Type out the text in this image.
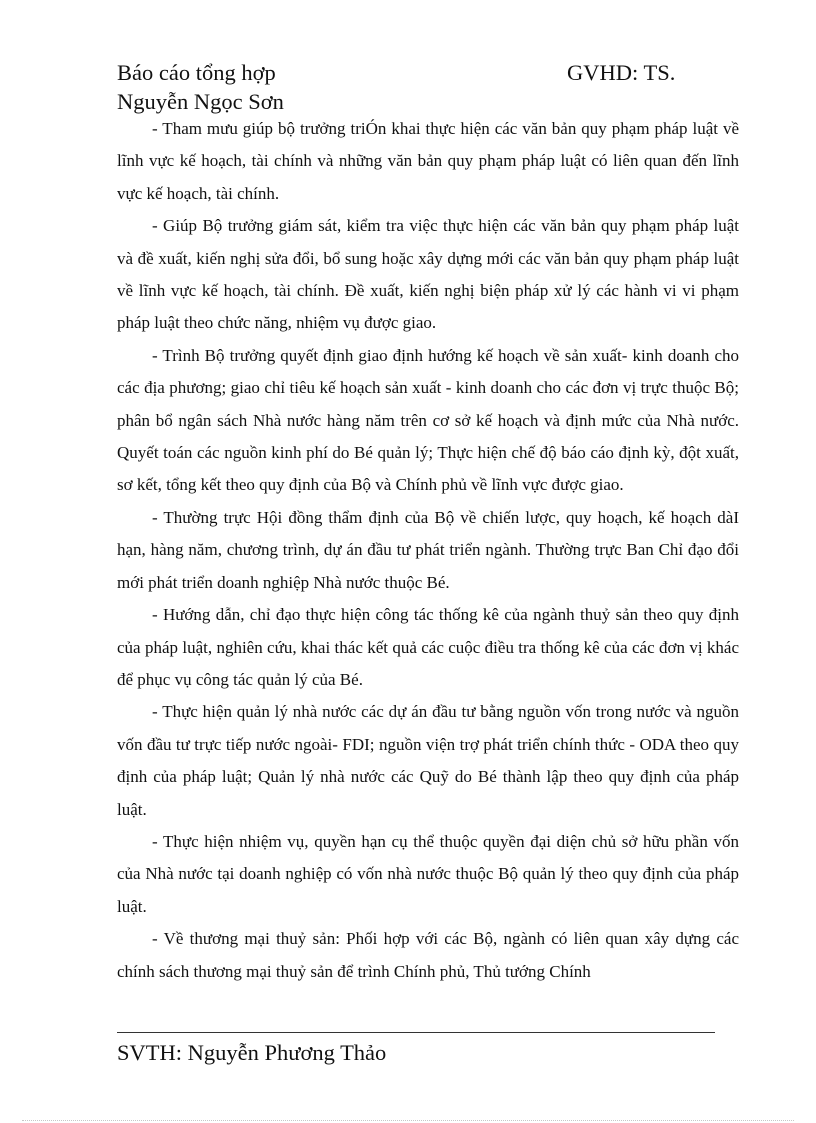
Báo cáo tổng hợp	GVHD: TS.
Nguyễn Ngọc Sơn

- Tham mưu giúp bộ trưởng triÓn khai thực hiện các văn bản quy phạm pháp luật về lĩnh vực kế hoạch, tài chính và những văn bản quy phạm pháp luật có liên quan đến lĩnh vực kế hoạch, tài chính.

- Giúp Bộ trưởng giám sát, kiểm tra việc thực hiện các văn bản quy phạm pháp luật và đề xuất, kiến nghị sửa đổi, bổ sung hoặc xây dựng mới các văn bản quy phạm pháp luật về lĩnh vực kế hoạch, tài chính. Đề xuất, kiến nghị biện pháp xử lý các hành vi vi phạm pháp luật theo chức năng, nhiệm vụ được giao.

- Trình Bộ trưởng quyết định giao định hướng kế hoạch về sản xuất- kinh doanh cho các địa phương; giao chỉ tiêu kế hoạch sản xuất - kinh doanh cho các đơn vị trực thuộc Bộ; phân bổ ngân sách Nhà nước hàng năm trên cơ sở kế hoạch và định mức của Nhà nước. Quyết toán các nguồn kinh phí do Bé quản lý; Thực hiện chế độ báo cáo định kỳ, đột xuất, sơ kết, tổng kết theo quy định của Bộ và Chính phủ về lĩnh vực được giao.

- Thường trực Hội đồng thẩm định của Bộ về chiến lược, quy hoạch, kế hoạch dàI hạn, hàng năm, chương trình, dự án đầu tư phát triển ngành. Thường trực Ban Chỉ đạo đổi mới phát triển doanh nghiệp Nhà nước thuộc Bé.

- Hướng dẫn, chỉ đạo thực hiện công tác thống kê của ngành thuỷ sản theo quy định của pháp luật, nghiên cứu, khai thác kết quả các cuộc điều tra thống kê của các đơn vị khác để phục vụ công tác quản lý của Bé.

- Thực hiện quản lý nhà nước các dự án đầu tư bằng nguồn vốn trong nước và nguồn vốn đầu tư trực tiếp nước ngoài- FDI; nguồn viện trợ phát triển chính thức - ODA theo quy định của pháp luật; Quản lý nhà nước các Quỹ do Bé thành lập theo quy định của pháp luật.

- Thực hiện nhiệm vụ, quyền hạn cụ thể thuộc quyền đại diện chủ sở hữu phần vốn của Nhà nước tại doanh nghiệp có vốn nhà nước thuộc Bộ quản lý theo quy định của pháp luật.

- Về thương mại thuỷ sản: Phối hợp với các Bộ, ngành có liên quan xây dựng các chính sách thương mại thuỷ sản để trình Chính phủ, Thủ tướng Chính

SVTH: Nguyễn Phương Thảo
